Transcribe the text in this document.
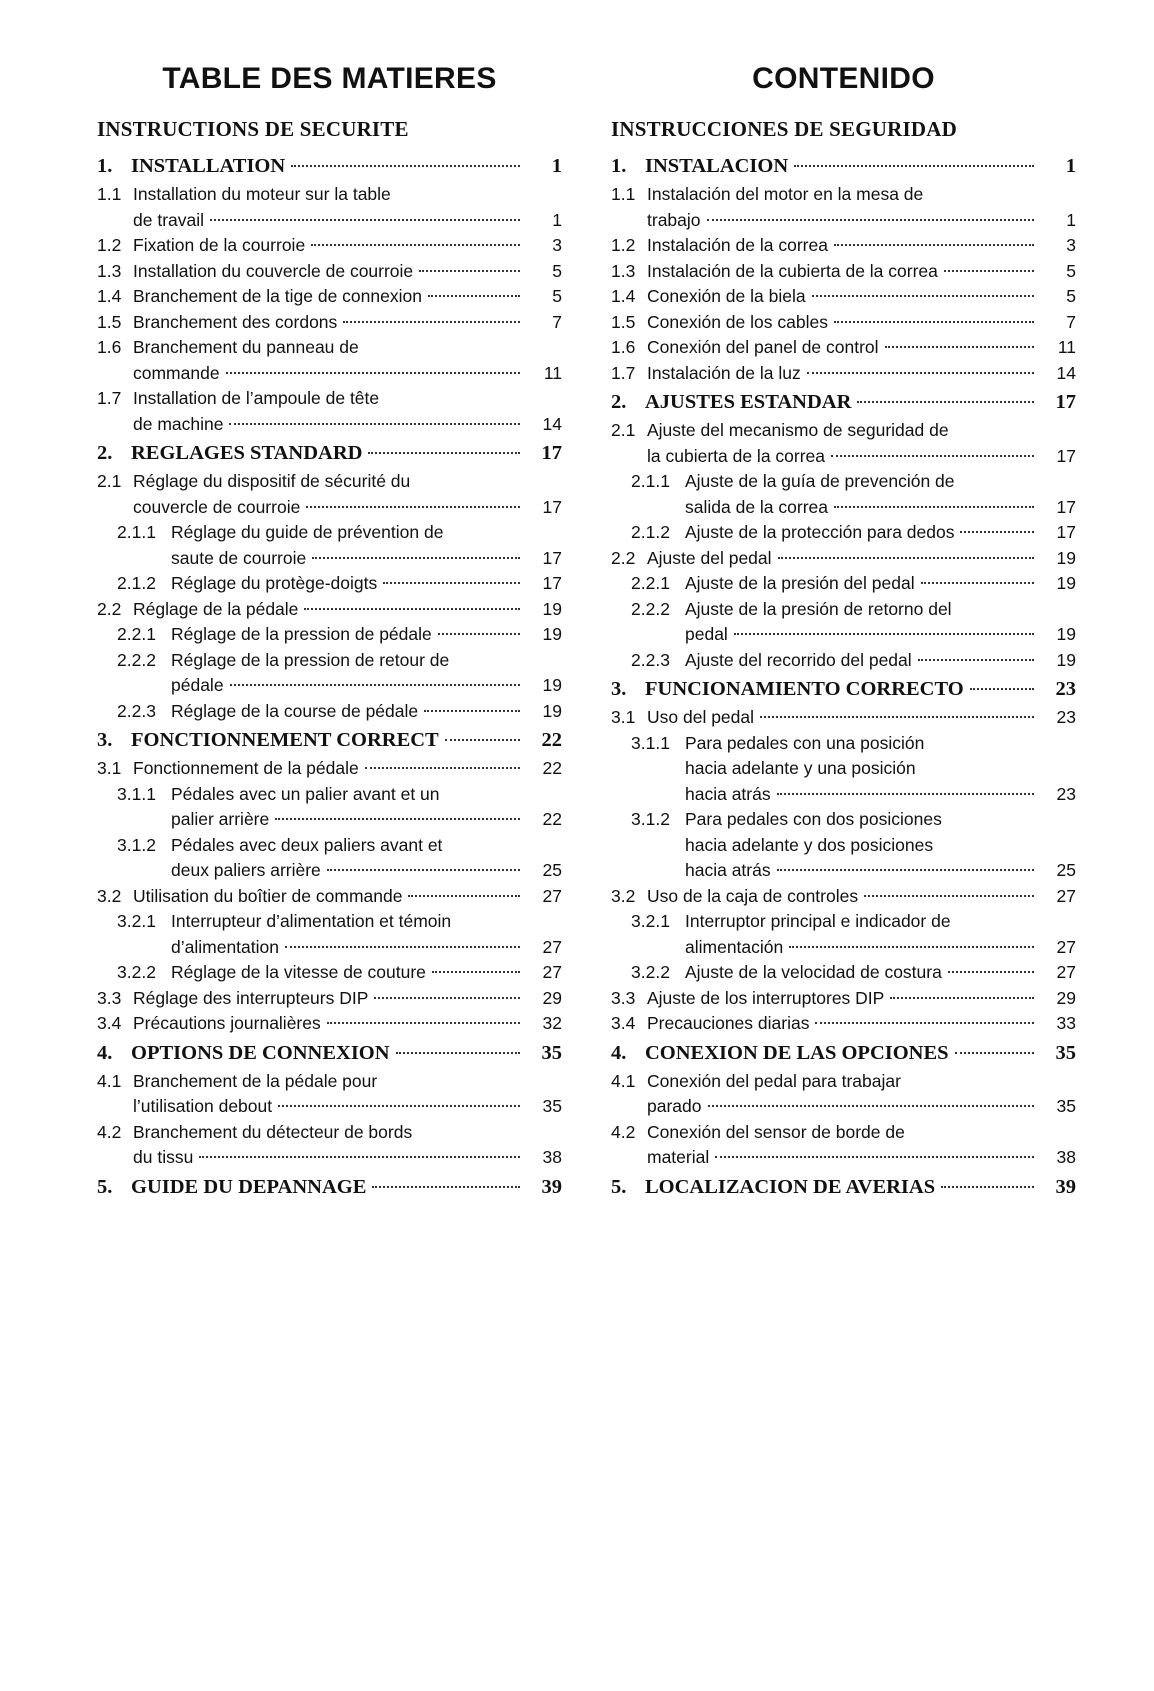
TABLE DES MATIERES
INSTRUCTIONS DE SECURITE
1. INSTALLATION	1
1.1 Installation du moteur sur la table
de travail	1
1.2 Fixation de la courroie	3
1.3 Installation du couvercle de courroie	5
1.4 Branchement de la tige de connexion	5
1.5 Branchement des cordons	7
1.6 Branchement du panneau de
commande	11
1.7 Installation de l’ampoule de tête
de machine	14
2. REGLAGES STANDARD	17
2.1 Réglage du dispositif de sécurité du
couvercle de courroie	17
2.1.1 Réglage du guide de prévention de
saute de courroie	17
2.1.2 Réglage du protège-doigts	17
2.2 Réglage de la pédale	19
2.2.1 Réglage de la pression de pédale	19
2.2.2 Réglage de la pression de retour de
pédale	19
2.2.3 Réglage de la course de pédale	19
3. FONCTIONNEMENT CORRECT	22
3.1 Fonctionnement de la pédale	22
3.1.1 Pédales avec un palier avant et un
palier arrière	22
3.1.2 Pédales avec deux paliers avant et
deux paliers arrière	25
3.2 Utilisation du boîtier de commande	27
3.2.1 Interrupteur d’alimentation et témoin
d’alimentation	27
3.2.2 Réglage de la vitesse de couture	27
3.3 Réglage des interrupteurs DIP	29
3.4 Précautions journalières	32
4. OPTIONS DE CONNEXION	35
4.1 Branchement de la pédale pour
l’utilisation debout	35
4.2 Branchement du détecteur de bords
du tissu	38
5. GUIDE DU DEPANNAGE	39
CONTENIDO
INSTRUCCIONES DE SEGURIDAD
1. INSTALACION	1
1.1 Instalación del motor en la mesa de
trabajo	1
1.2 Instalación de la correa	3
1.3 Instalación de la cubierta de la correa	5
1.4 Conexión de la biela	5
1.5 Conexión de los cables	7
1.6 Conexión del panel de control	11
1.7 Instalación de la luz	14
2. AJUSTES ESTANDAR	17
2.1 Ajuste del mecanismo de seguridad de
la cubierta de la correa	17
2.1.1 Ajuste de la guía de prevención de
salida de la correa	17
2.1.2 Ajuste de la protección para dedos	17
2.2 Ajuste del pedal	19
2.2.1 Ajuste de la presión del pedal	19
2.2.2 Ajuste de la presión de retorno del
pedal	19
2.2.3 Ajuste del recorrido del pedal	19
3. FUNCIONAMIENTO CORRECTO	23
3.1 Uso del pedal	23
3.1.1 Para pedales con una posición
hacia adelante y una posición
hacia atrás	23
3.1.2 Para pedales con dos posiciones
hacia adelante y dos posiciones
hacia atrás	25
3.2 Uso de la caja de controles	27
3.2.1 Interruptor principal e indicador de
alimentación	27
3.2.2 Ajuste de la velocidad de costura	27
3.3 Ajuste de los interruptores DIP	29
3.4 Precauciones diarias	33
4. CONEXION DE LAS OPCIONES	35
4.1 Conexión del pedal para trabajar
parado	35
4.2 Conexión del sensor de borde de
material	38
5. LOCALIZACION DE AVERIAS	39
